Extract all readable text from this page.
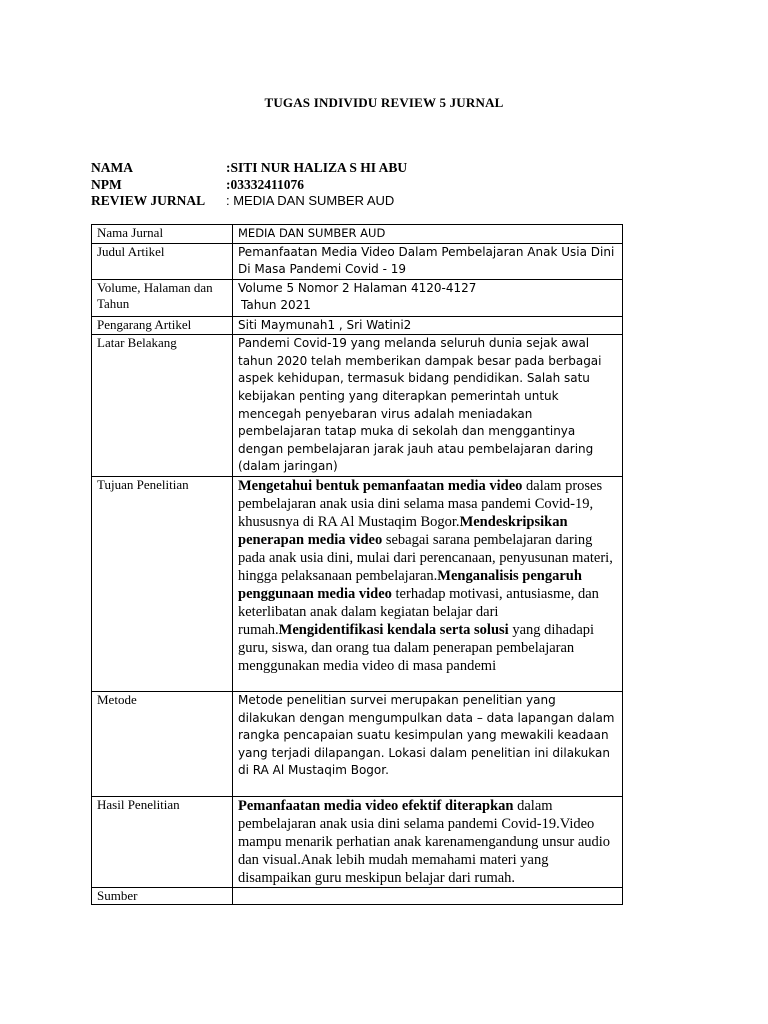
TUGAS INDIVIDU REVIEW 5 JURNAL
NAMA	:SITI NUR HALIZA S HI ABU
NPM	:03332411076
REVIEW JURNAL	: MEDIA DAN SUMBER AUD
Nama Jurnal	MEDIA DAN SUMBER AUD
Judul Artikel	Pemanfaatan Media Video Dalam Pembelajaran Anak Usia Dini Di Masa Pandemi Covid - 19
Volume, Halaman dan Tahun	Volume 5 Nomor 2 Halaman 4120-4127
Tahun 2021

Pengarang Artikel	Siti Maymunah1 , Sri Watini2
Latar Belakang	Pandemi Covid-19 yang melanda seluruh dunia sejak awal tahun 2020 telah memberikan dampak besar pada berbagai aspek kehidupan, termasuk bidang pendidikan. Salah satu kebijakan penting yang diterapkan pemerintah untuk mencegah penyebaran virus adalah meniadakan pembelajaran tatap muka di sekolah dan menggantinya dengan pembelajaran jarak jauh atau pembelajaran daring (dalam jaringan)
Tujuan Penelitian	Mengetahui bentuk pemanfaatan media video dalam proses pembelajaran anak usia dini selama masa pandemi Covid-19, khususnya di RA Al Mustaqim Bogor.Mendeskripsikan penerapan media video sebagai sarana pembelajaran daring pada anak usia dini, mulai dari perencanaan, penyusunan materi, hingga pelaksanaan pembelajaran.Menganalisis pengaruh penggunaan media video terhadap motivasi, antusiasme, dan keterlibatan anak dalam kegiatan belajar dari rumah.Mengidentifikasi kendala serta solusi yang dihadapi guru, siswa, dan orang tua dalam penerapan pembelajaran menggunakan media video di masa pandemi
Metode	Metode penelitian survei merupakan penelitian yang dilakukan dengan mengumpulkan data – data lapangan dalam rangka pencapaian suatu kesimpulan yang mewakili keadaan yang terjadi dilapangan. Lokasi dalam penelitian ini dilakukan di RA Al Mustaqim Bogor.
Hasil Penelitian	Pemanfaatan media video efektif diterapkan dalam pembelajaran anak usia dini selama pandemi Covid-19.Video mampu menarik perhatian anak karenamengandung unsur audio dan visual.Anak lebih mudah memahami materi yang disampaikan guru meskipun belajar dari rumah.
Sumber	
